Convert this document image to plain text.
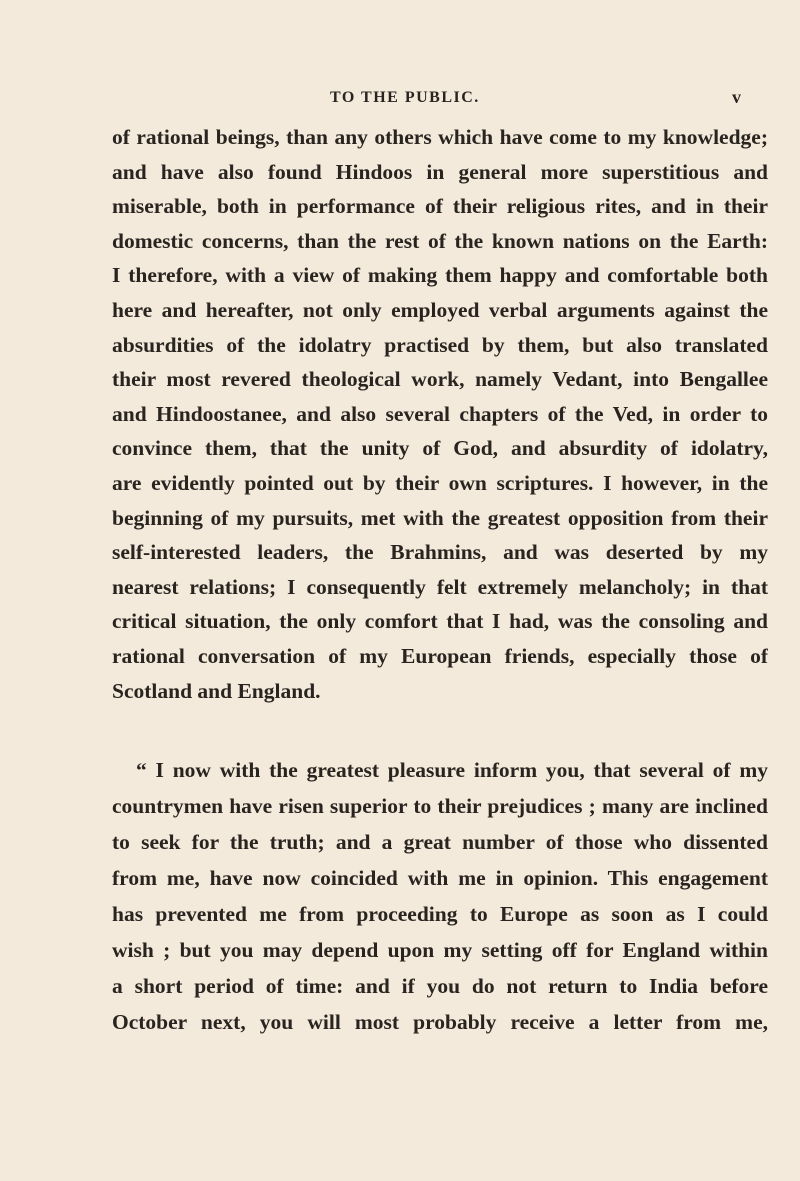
TO THE PUBLIC.	v
of rational beings, than any others which have come to my knowledge;
and have also found Hindoos in general more superstitious and
miserable, both in performance of their religious rites, and in their
domestic concerns, than the rest of the known nations on the Earth:
I therefore, with a view of making them happy and comfortable both
here and hereafter, not only employed verbal arguments against the
absurdities of the idolatry practised by them, but also translated
their most revered theological work, namely Vedant, into Bengallee
and Hindoostanee, and also several chapters of the Ved, in order to
convince them, that the unity of God, and absurdity of idolatry,
are evidently pointed out by their own scriptures. I however, in the
beginning of my pursuits, met with the greatest opposition from their
self-interested leaders, the Brahmins, and was deserted by my
nearest relations; I consequently felt extremely melancholy; in that
critical situation, the only comfort that I had, was the consoling and
rational conversation of my European friends, especially those of
Scotland and England.
“ I now with the greatest pleasure inform you, that several of my
countrymen have risen superior to their prejudices ; many are inclined
to seek for the truth; and a great number of those who dissented
from me, have now coincided with me in opinion. This engagement
has prevented me from proceeding to Europe as soon as I could
wish ; but you may depend upon my setting off for England within
a short period of time: and if you do not return to India before
October next, you will most probably receive a letter from me,
